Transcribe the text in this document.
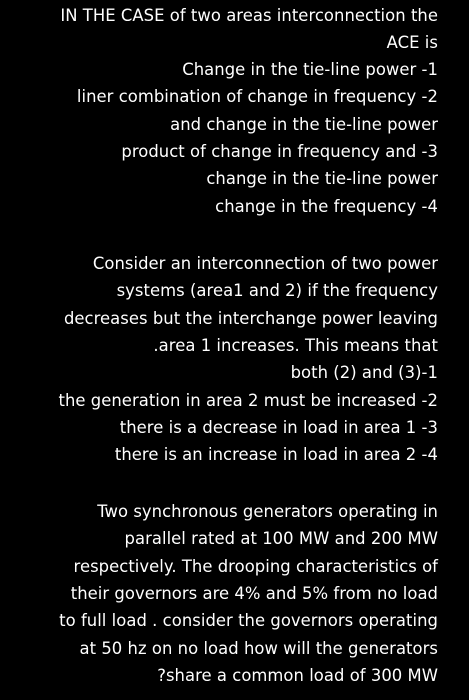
IN THE CASE of two areas interconnection the
ACE is
Change in the tie-line power -1
liner combination of change in frequency -2
and change in the tie-line power
product of change in frequency and -3
change in the tie-line power
change in the frequency -4
Consider an interconnection of two power
systems (area1 and 2) if the frequency
decreases but the interchange power leaving
.area 1 increases. This means that
both (2) and (3)-1
the generation in area 2 must be increased -2
there is a decrease in load in area 1 -3
there is an increase in load in area 2 -4
Two synchronous generators operating in
parallel rated at 100 MW and 200 MW
respectively. The drooping characteristics of
their governors are 4% and 5% from no load
to full load . consider the governors operating
at 50 hz on no load how will the generators
?share a common load of 300 MW
